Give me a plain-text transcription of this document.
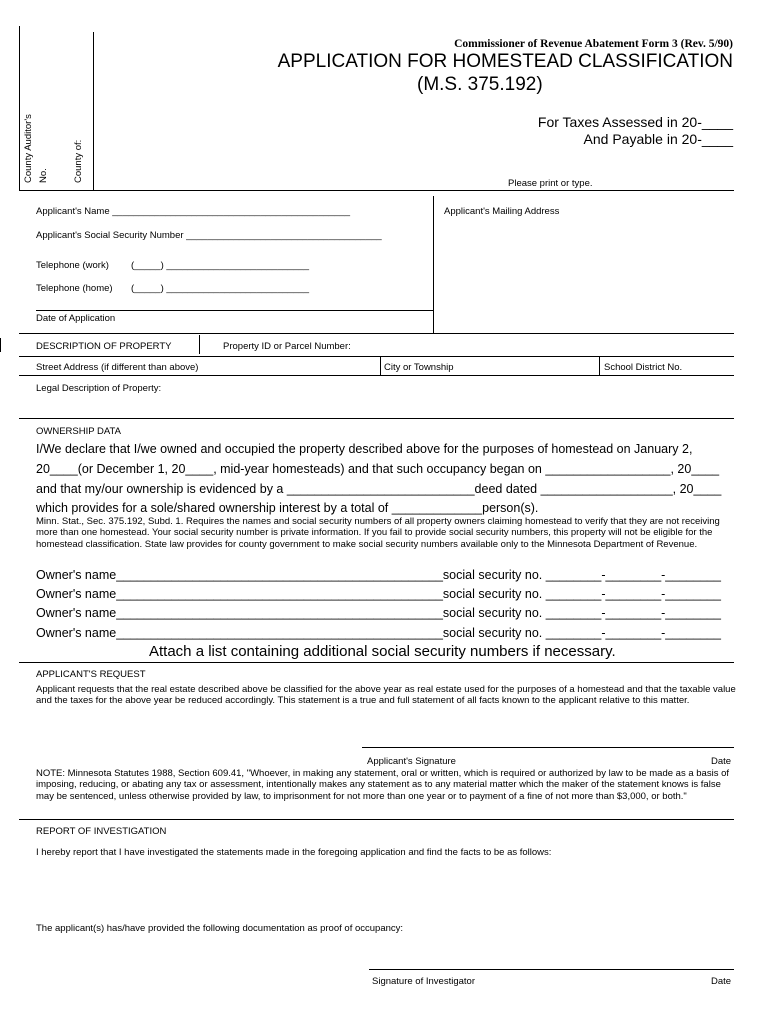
County Auditor's No.	County of:
Commissioner of Revenue Abatement Form 3 (Rev. 5/90)
APPLICATION FOR HOMESTEAD CLASSIFICATION
(M.S. 375.192)
For Taxes Assessed in 20-____
And Payable in 20-____
Please print or type.
Applicant's Name _____________________________________________	Applicant's Mailing Address
Applicant's Social Security Number _____________________________________
Telephone (work) (_____) ___________________________
Telephone (home) (_____) ___________________________
Date of Application
DESCRIPTION OF PROPERTY	Property ID or Parcel Number:
Street Address (if different than above)	City or Township	School District No.
Legal Description of Property:
OWNERSHIP DATA
I/We declare that I/we owned and occupied the property described above for the purposes of homestead on January 2,
20____(or December 1, 20____, mid-year homesteads) and that such occupancy began on __________________, 20____
and that my/our ownership is evidenced by a ___________________________deed dated ___________________, 20____
which provides for a sole/shared ownership interest by a total of _____________person(s).
Minn. Stat., Sec. 375.192, Subd. 1. Requires the names and social security numbers of all property owners claiming homestead to verify that they are not receiving more than one homestead. Your social security number is private information. If you fail to provide social security numbers, this property will not be eligible for the homestead classification. State law provides for county government to make social security numbers available only to the Minnesota Department of Revenue.
Owner's name_______________________________________________social security no. ________-________-________
Owner's name_______________________________________________social security no. ________-________-________
Owner's name_______________________________________________social security no. ________-________-________
Owner's name_______________________________________________social security no. ________-________-________
Attach a list containing additional social security numbers if necessary.
APPLICANT'S REQUEST
Applicant requests that the real estate described above be classified for the above year as real estate used for the purposes of a homestead and that the taxable value and the taxes for the above year be reduced accordingly. This statement is a true and full statement of all facts known to the applicant relative to this matter.
Applicant's Signature	Date
NOTE: Minnesota Statutes 1988, Section 609.41, "Whoever, in making any statement, oral or written, which is required or authorized by law to be made as a basis of imposing, reducing, or abating any tax or assessment, intentionally makes any statement as to any material matter which the maker of the statement knows is false may be sentenced, unless otherwise provided by law, to imprisonment for not more than one year or to payment of a fine of not more than $3,000, or both."
REPORT OF INVESTIGATION
I hereby report that I have investigated the statements made in the foregoing application and find the facts to be as follows:
The applicant(s) has/have provided the following documentation as proof of occupancy:
Signature of Investigator	Date
